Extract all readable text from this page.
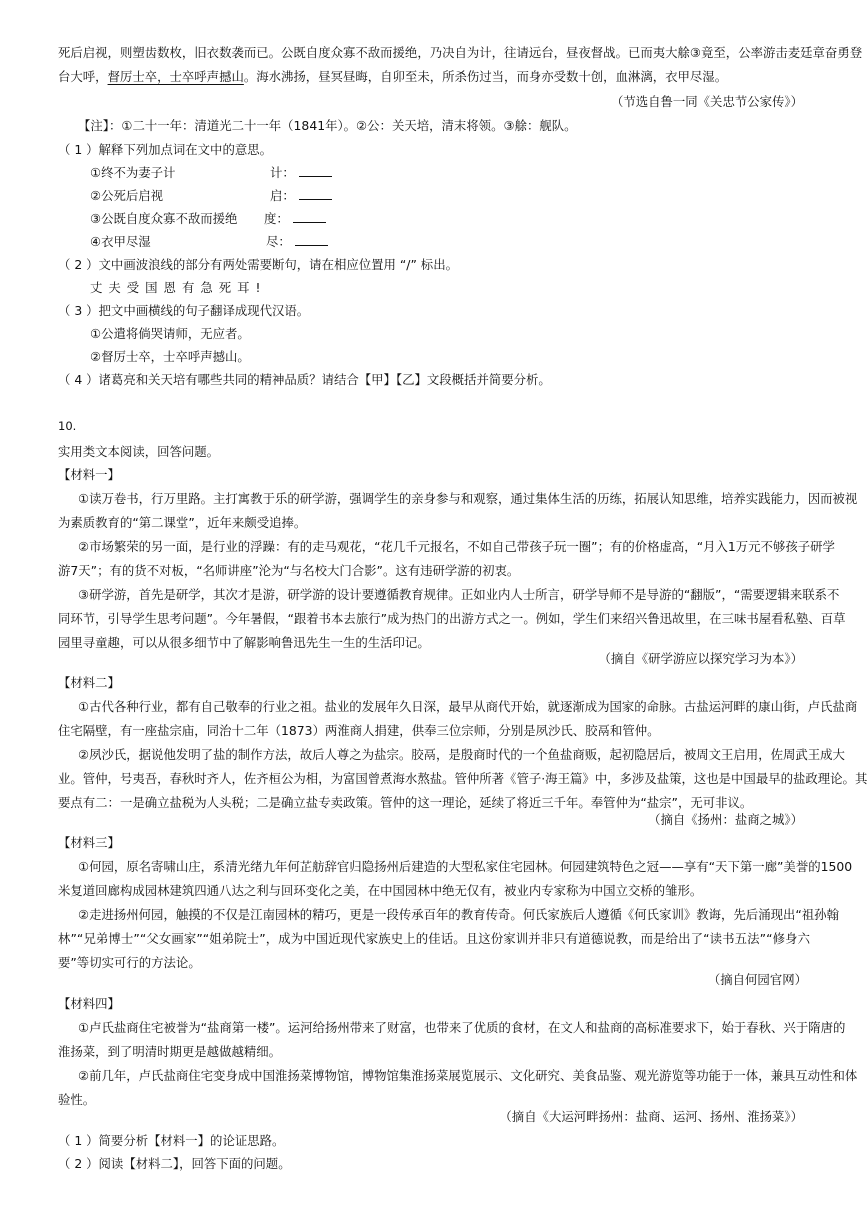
死后启视，则塑齿数枚，旧衣数袭而已。公既自度众寡不敌而援绝，乃决自为计，往请远台，昼夜督战。已而夷大艅③竟至，公率游击麦廷章奋勇登
台大呼，督厉士卒，士卒呼声撼山。海水沸扬，昼冥昼晦，自卯至未，所杀伤过当，而身亦受数十创，血淋漓，衣甲尽湿。
（节选自鲁一同《关忠节公家传》）
【注】：①二十一年：清道光二十一年（1841年）。②公：关天培，清末将领。③艅：舰队。
（ 1 ）解释下列加点词在文中的意思。
①终不为妻子计	计：
②公死后启视	启：
③公既自度众寡不敌而援绝 度：
④衣甲尽湿	尽：
（ 2 ）文中画波浪线的部分有两处需要断句，请在相应位置用 “/” 标出。
丈夫受国恩有急死耳!
（ 3 ）把文中画横线的句子翻译成现代汉语。
①公遣将倘哭请师，无应者。
②督厉士卒，士卒呼声撼山。
（ 4 ）诸葛亮和关天培有哪些共同的精神品质？请结合【甲】【乙】文段概括并简要分析。
10.
实用类文本阅读，回答问题。
【材料一】
①读万卷书，行万里路。主打寓教于乐的研学游，强调学生的亲身参与和观察，通过集体生活的历练，拓展认知思维，培养实践能力，因而被视
为素质教育的“第二课堂”，近年来颇受追捧。
②市场繁荣的另一面，是行业的浮躁：有的走马观花，“花几千元报名，不如自己带孩子玩一圈”；有的价格虚高，“月入1万元不够孩子研学
游7天”；有的货不对板，“名师讲座”沦为“与名校大门合影”。这有违研学游的初衷。
③研学游，首先是研学，其次才是游，研学游的设计要遵循教育规律。正如业内人士所言，研学导师不是导游的“翻版”，“需要逻辑来联系不
同环节，引导学生思考问题”。今年暑假，“跟着书本去旅行”成为热门的出游方式之一。例如，学生们来绍兴鲁迅故里，在三味书屋看私塾、百草
园里寻童趣，可以从很多细节中了解影响鲁迅先生一生的生活印记。
（摘自《研学游应以探究学习为本》）
【材料二】
①古代各种行业，都有自己敬奉的行业之祖。盐业的发展年久日深，最早从商代开始，就逐渐成为国家的命脉。古盐运河畔的康山街，卢氏盐商
住宅隔壁，有一座盐宗庙，同治十二年（1873）两淮商人捐建，供奉三位宗师，分别是夙沙氏、胶鬲和管仲。
②夙沙氏，据说他发明了盐的制作方法，故后人尊之为盐宗。胶鬲，是殷商时代的一个鱼盐商贩，起初隐居后，被周文王启用，佐周武王成大
业。管仲，号夷吾，春秋时齐人，佐齐桓公为相，为富国曾煮海水熬盐。管仲所著《管子·海王篇》中，多涉及盐策，这也是中国最早的盐政理论。其
要点有二：一是确立盐税为人头税；二是确立盐专卖政策。管仲的这一理论，延续了将近三千年。奉管仲为“盐宗”，无可非议。
（摘自《扬州：盐商之城》）
【材料三】
①何园，原名寄啸山庄，系清光绪九年何芷舫辞官归隐扬州后建造的大型私家住宅园林。何园建筑特色之冠——享有“天下第一廊”美誉的1500
米复道回廊构成园林建筑四通八达之利与回环变化之美，在中国园林中绝无仅有，被业内专家称为中国立交桥的雏形。
②走进扬州何园，触摸的不仅是江南园林的精巧，更是一段传承百年的教育传奇。何氏家族后人遵循《何氏家训》教诲，先后涌现出“祖孙翰
林”“兄弟博士”“父女画家”“姐弟院士”，成为中国近现代家族史上的佳话。且这份家训并非只有道德说教，而是给出了“读书五法”“修身六
要”等切实可行的方法论。
（摘自何园官网）
【材料四】
①卢氏盐商住宅被誉为“盐商第一楼”。运河给扬州带来了财富，也带来了优质的食材，在文人和盐商的高标准要求下，始于春秋、兴于隋唐的
淮扬菜，到了明清时期更是越做越精细。
②前几年，卢氏盐商住宅变身成中国淮扬菜博物馆，博物馆集淮扬菜展览展示、文化研究、美食品鉴、观光游览等功能于一体，兼具互动性和体
验性。
（摘自《大运河畔扬州：盐商、运河、扬州、淮扬菜》）
（ 1 ）简要分析【材料一】的论证思路。
（ 2 ）阅读【材料二】，回答下面的问题。
